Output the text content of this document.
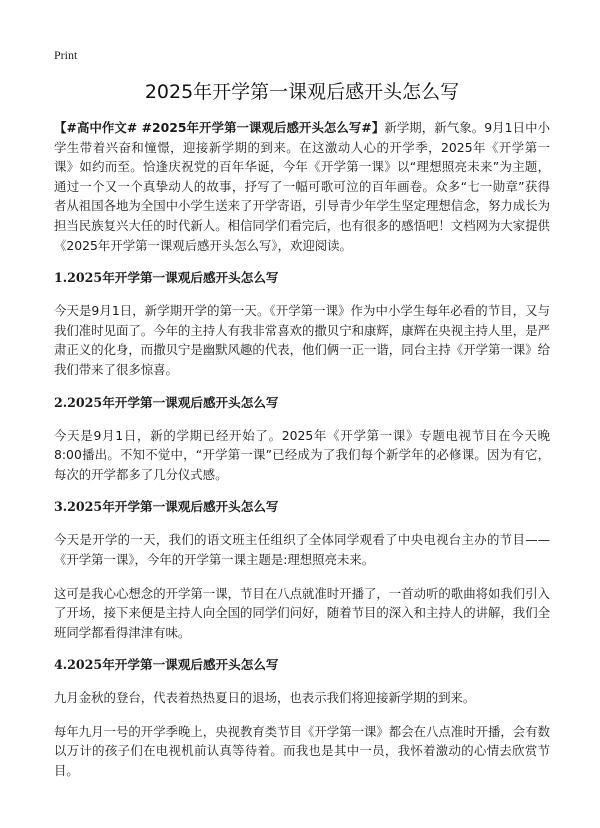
Print
2025年开学第一课观后感开头怎么写

【#高中作文# #2025年开学第一课观后感开头怎么写#】新学期，新气象。9月1日中小学生带着兴奋和憧憬，迎接新学期的到来。在这激动人心的开学季，2025年《开学第一课》如约而至。恰逢庆祝党的百年华诞，今年《开学第一课》以“理想照亮未来”为主题，通过一个又一个真挚动人的故事，抒写了一幅可歌可泣的百年画卷。众多“七一勋章”获得者从祖国各地为全国中小学生送来了开学寄语，引导青少年学生坚定理想信念，努力成长为担当民族复兴大任的时代新人。相信同学们看完后，也有很多的感悟吧！文档网为大家提供《2025年开学第一课观后感开头怎么写》，欢迎阅读。

1.2025年开学第一课观后感开头怎么写

今天是9月1日，新学期开学的第一天。《开学第一课》作为中小学生每年必看的节目，又与我们准时见面了。今年的主持人有我非常喜欢的撒贝宁和康辉，康辉在央视主持人里，是严肃正义的化身，而撒贝宁是幽默风趣的代表，他们俩一正一谐，同台主持《开学第一课》给我们带来了很多惊喜。

2.2025年开学第一课观后感开头怎么写

今天是9月1日，新的学期已经开始了。2025年《开学第一课》专题电视节目在今天晚8:00播出。不知不觉中，“开学第一课”已经成为了我们每个新学年的必修课。因为有它，每次的开学都多了几分仪式感。

3.2025年开学第一课观后感开头怎么写

今天是开学的一天，我们的语文班主任组织了全体同学观看了中央电视台主办的节目——《开学第一课》，今年的开学第一课主题是:理想照亮未来。

这可是我心心想念的开学第一课，节目在八点就准时开播了，一首动听的歌曲将如我们引入了开场，接下来便是主持人向全国的同学们问好，随着节目的深入和主持人的讲解，我们全班同学都看得津津有味。

4.2025年开学第一课观后感开头怎么写

九月金秋的登台，代表着热热夏日的退场，也表示我们将迎接新学期的到来。

每年九月一号的开学季晚上，央视教育类节目《开学第一课》都会在八点准时开播，会有数以万计的孩子们在电视机前认真等待着。而我也是其中一员，我怀着激动的心情去欣赏节目。
